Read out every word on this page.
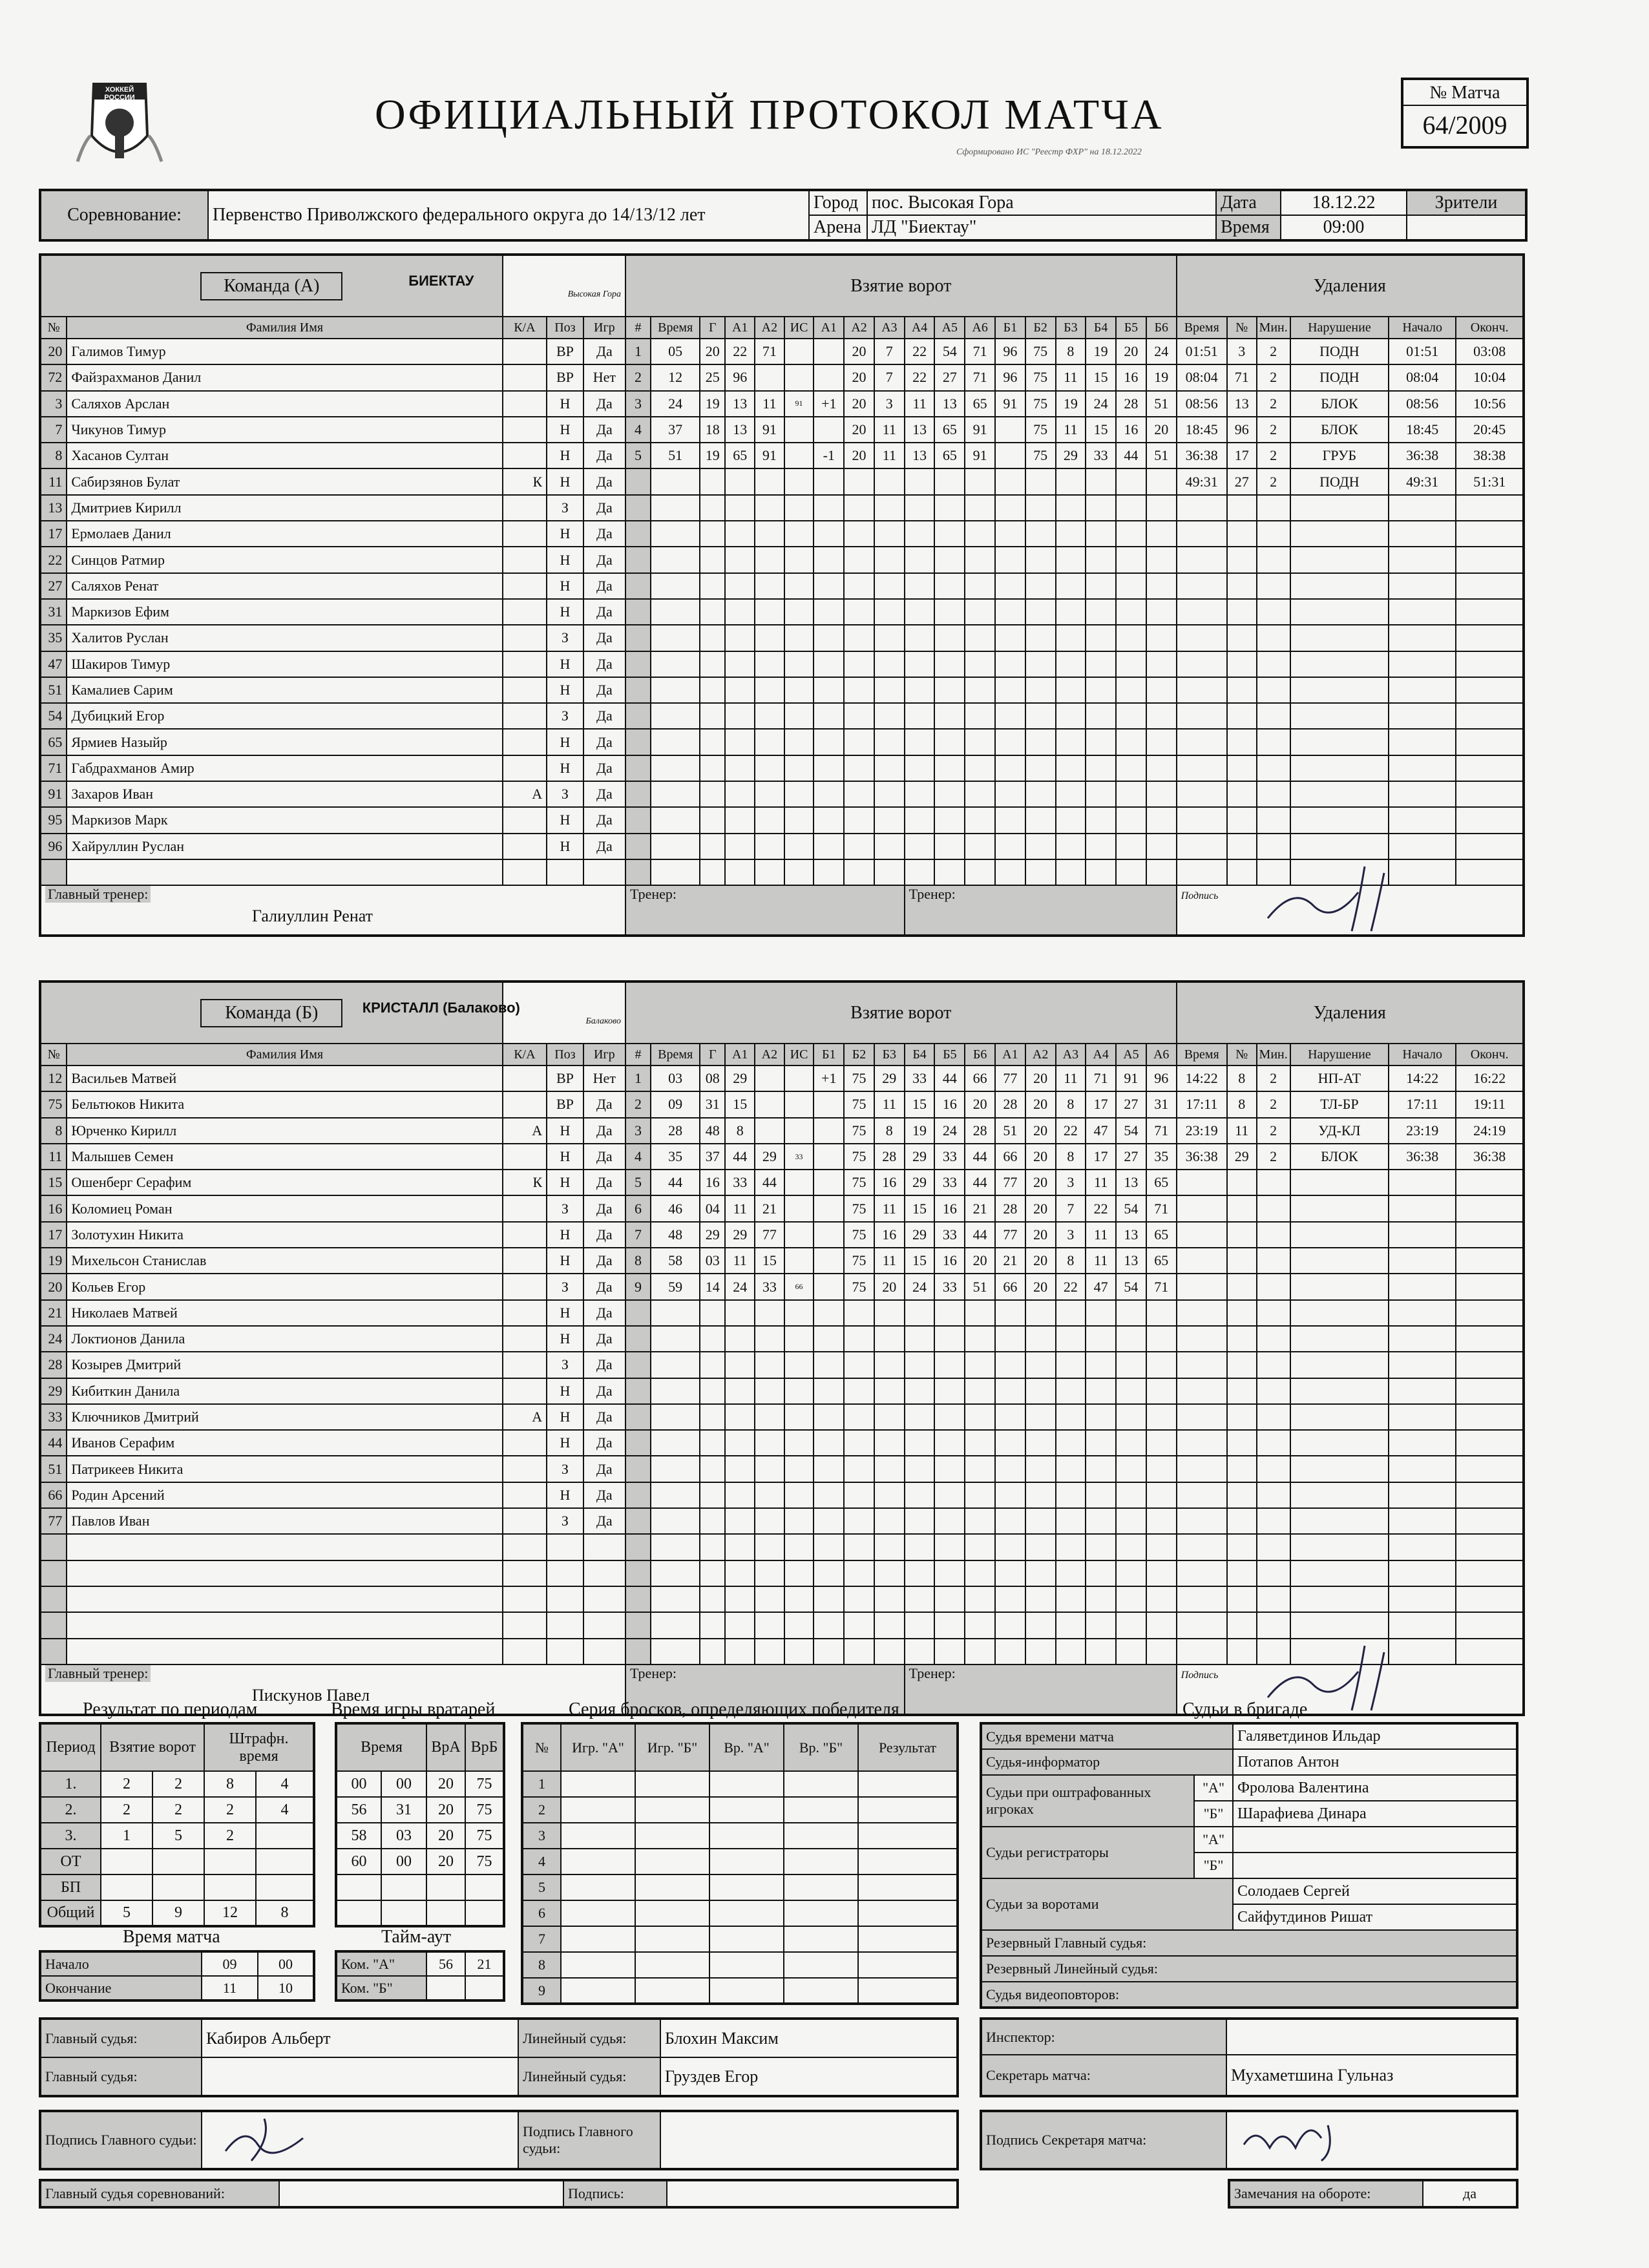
ХОККЕЙ РОССИИ	ОФИЦИАЛЬНЫЙ ПРОТОКОЛ МАТЧА
Сформировано ИС "Реестр ФХР" на 18.12.2022
№ Матча
64/2009
Соревнование:	Первенство Приволжского федерального округа до 14/13/12 лет	Город	пос. Высокая Гора	Дата	18.12.22	Зрители
		Арена	ЛД "Биектау"	Время	09:00	
Команда (А)		БИЕКТАУ
Высокая Гора			Взятие ворот																		Удаления					
№	Фамилия Имя	К/А	Поз	Игр	#	Время	Г	А1	А2	ИС	А1	А2	А3	А4	А5	А6	Б1	Б2	Б3	Б4	Б5	Б6	Время	№	Мин.	Нарушение	Начало	Оконч.
20	Галимов Тимур		ВР	Да	1	05	20	22	71			20	7	22	54	71	96	75	8	19	20	24	01:51	3	2	ПОДН	01:51	03:08
72	Файзрахманов Данил		ВР	Нет	2	12	25	96				20	7	22	27	71	96	75	11	15	16	19	08:04	71	2	ПОДН	08:04	10:04
3	Саляхов Арслан		Н	Да	3	24	19	13	11	91	+1	20	3	11	13	65	91	75	19	24	28	51	08:56	13	2	БЛОК	08:56	10:56
7	Чикунов Тимур		Н	Да	4	37	18	13	91			20	11	13	65	91		75	11	15	16	20	18:45	96	2	БЛОК	18:45	20:45
8	Хасанов Султан		Н	Да	5	51	19	65	91		-1	20	11	13	65	91		75	29	33	44	51	36:38	17	2	ГРУБ	36:38	38:38
11	Сабирзянов Булат	К	Н	Да																			49:31	27	2	ПОДН	49:31	51:31
13	Дмитриев Кирилл		З	Да																								
17	Ермолаев Данил		Н	Да																								
22	Синцов Ратмир		Н	Да																								
27	Саляхов Ренат		Н	Да																								
31	Маркизов Ефим		Н	Да																								
35	Халитов Руслан		З	Да																								
47	Шакиров Тимур		Н	Да																								
51	Камалиев Сарим		Н	Да																								
54	Дубицкий Егор		З	Да																								
65	Ярмиев Назыйр		Н	Да																								
71	Габдрахманов Амир		Н	Да																								
91	Захаров Иван	А	З	Да																								
95	Маркизов Марк		Н	Да																								
96	Хайруллин Руслан		Н	Да																								

Главный тренер:
Галиуллин Ренат					Тренер:									Тренер:									Подпись					
Команда (Б)		КРИСТАЛЛ (Балаково)
Балаково			Взятие ворот																		Удаления					
№	Фамилия Имя	К/А	Поз	Игр	#	Время	Г	А1	А2	ИС	Б1	Б2	Б3	Б4	Б5	Б6	А1	А2	А3	А4	А5	А6	Время	№	Мин.	Нарушение	Начало	Оконч.
12	Васильев Матвей		ВР	Нет	1	03	08	29			+1	75	29	33	44	66	77	20	11	71	91	96	14:22	8	2	НП-АТ	14:22	16:22
75	Бельтюков Никита		ВР	Да	2	09	31	15				75	11	15	16	20	28	20	8	17	27	31	17:11	8	2	ТЛ-БР	17:11	19:11
8	Юрченко Кирилл	А	Н	Да	3	28	48	8				75	8	19	24	28	51	20	22	47	54	71	23:19	11	2	УД-КЛ	23:19	24:19
11	Малышев Семен		Н	Да	4	35	37	44	29	33		75	28	29	33	44	66	20	8	17	27	35	36:38	29	2	БЛОК	36:38	36:38
15	Ошенберг Серафим	К	Н	Да	5	44	16	33	44			75	16	29	33	44	77	20	3	11	13	65						
16	Коломиец Роман		З	Да	6	46	04	11	21			75	11	15	16	21	28	20	7	22	54	71						
17	Золотухин Никита		Н	Да	7	48	29	29	77			75	16	29	33	44	77	20	3	11	13	65						
19	Михельсон Станислав		Н	Да	8	58	03	11	15			75	11	15	16	20	21	20	8	11	13	65						
20	Кольев Егор		З	Да	9	59	14	24	33	66		75	20	24	33	51	66	20	22	47	54	71						
21	Николаев Матвей		Н	Да																								
24	Локтионов Данила		Н	Да																								
28	Козырев Дмитрий		З	Да																								
29	Кибиткин Данила		Н	Да																								
33	Ключников Дмитрий	А	Н	Да																								
44	Иванов Серафим		Н	Да																								
51	Патрикеев Никита		З	Да																								
66	Родин Арсений		Н	Да																								
77	Павлов Иван		З	Да																								

Главный тренер:
Пискунов Павел					Тренер:									Тренер:									Подпись					
Результат по периодам
Период	Взятие ворот		Штрафн. время	
1.	2	2	8	4
2.	2	2	2	4
3.	1	5	2	
ОТ				
БП				
Общий	5	9	12	8
Время игры вратарей
Время		ВрА	ВрБ
00	00	20	75
56	31	20	75
58	03	20	75
60	00	20	75

Время матча
Начало	09	00
Окончание	11	10
Тайм-аут
Ком. "А"	56	21
Ком. "Б"		
Серия бросков, определяющих победителя
№	Игр. "А"	Игр. "Б"	Вр. "А"	Вр. "Б"	Результат
1					
2					
3					
4					
5					
6					
7					
8					
9					
Судьи в бригаде
Судья времени матча		Галяветдинов Ильдар
Судья-информатор		Потапов Антон
Судьи при оштрафованных игроках	"А"	Фролова Валентина
	"Б"	Шарафиева Динара
Судьи регистраторы	"А"	
	"Б"	
Судьи за воротами		Солодаев Сергей
		Сайфутдинов Ришат
Резервный Главный судья:		
Резервный Линейный судья:		
Судья видеоповторов:		
Главный судья:	Кабиров Альберт	Линейный судья:	Блохин Максим
Главный судья:		Линейный судья:	Груздев Егор
Инспектор:	
Секретарь матча:	Мухаметшина Гульназ
Подпись Главного судьи:		Подпись Главного судьи:	
Подпись Секретаря матча:	
Главный судья соревнований:		Подпись:		Замечания на обороте:	да
